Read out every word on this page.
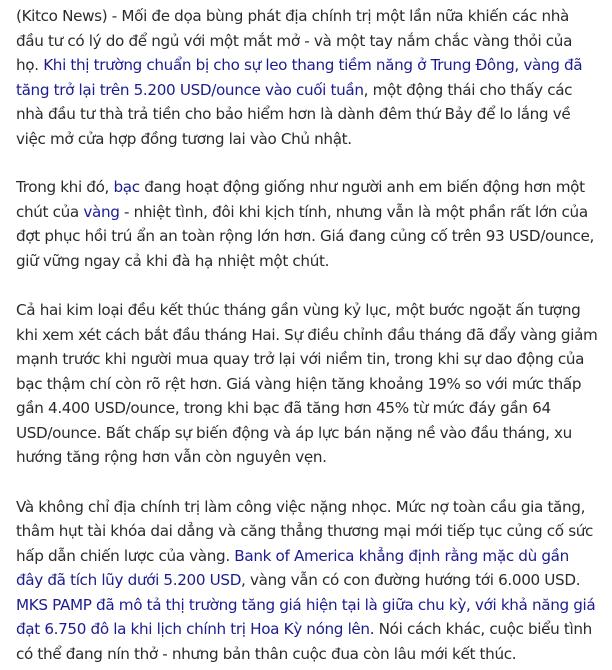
(Kitco News) - Mối đe dọa bùng phát địa chính trị một lần nữa khiến các nhà đầu tư có lý do để ngủ với một mắt mở - và một tay nắm chắc vàng thỏi của họ. Khi thị trường chuẩn bị cho sự leo thang tiềm năng ở Trung Đông, vàng đã tăng trở lại trên 5.200 USD/ounce vào cuối tuần, một động thái cho thấy các nhà đầu tư thà trả tiền cho bảo hiểm hơn là dành đêm thứ Bảy để lo lắng về việc mở cửa hợp đồng tương lai vào Chủ nhật.

Trong khi đó, bạc đang hoạt động giống như người anh em biến động hơn một chút của vàng - nhiệt tình, đôi khi kịch tính, nhưng vẫn là một phần rất lớn của đợt phục hồi trú ẩn an toàn rộng lớn hơn. Giá đang củng cố trên 93 USD/ounce, giữ vững ngay cả khi đà hạ nhiệt một chút.

Cả hai kim loại đều kết thúc tháng gần vùng kỷ lục, một bước ngoặt ấn tượng khi xem xét cách bắt đầu tháng Hai. Sự điều chỉnh đầu tháng đã đẩy vàng giảm mạnh trước khi người mua quay trở lại với niềm tin, trong khi sự dao động của bạc thậm chí còn rõ rệt hơn. Giá vàng hiện tăng khoảng 19% so với mức thấp gần 4.400 USD/ounce, trong khi bạc đã tăng hơn 45% từ mức đáy gần 64 USD/ounce. Bất chấp sự biến động và áp lực bán nặng nề vào đầu tháng, xu hướng tăng rộng hơn vẫn còn nguyên vẹn.

Và không chỉ địa chính trị làm công việc nặng nhọc. Mức nợ toàn cầu gia tăng, thâm hụt tài khóa dai dẳng và căng thẳng thương mại mới tiếp tục củng cố sức hấp dẫn chiến lược của vàng. Bank of America khẳng định rằng mặc dù gần đây đã tích lũy dưới 5.200 USD, vàng vẫn có con đường hướng tới 6.000 USD. MKS PAMP đã mô tả thị trường tăng giá hiện tại là giữa chu kỳ, với khả năng giá đạt 6.750 đô la khi lịch chính trị Hoa Kỳ nóng lên. Nói cách khác, cuộc biểu tình có thể đang nín thở - nhưng bản thân cuộc đua còn lâu mới kết thúc.
